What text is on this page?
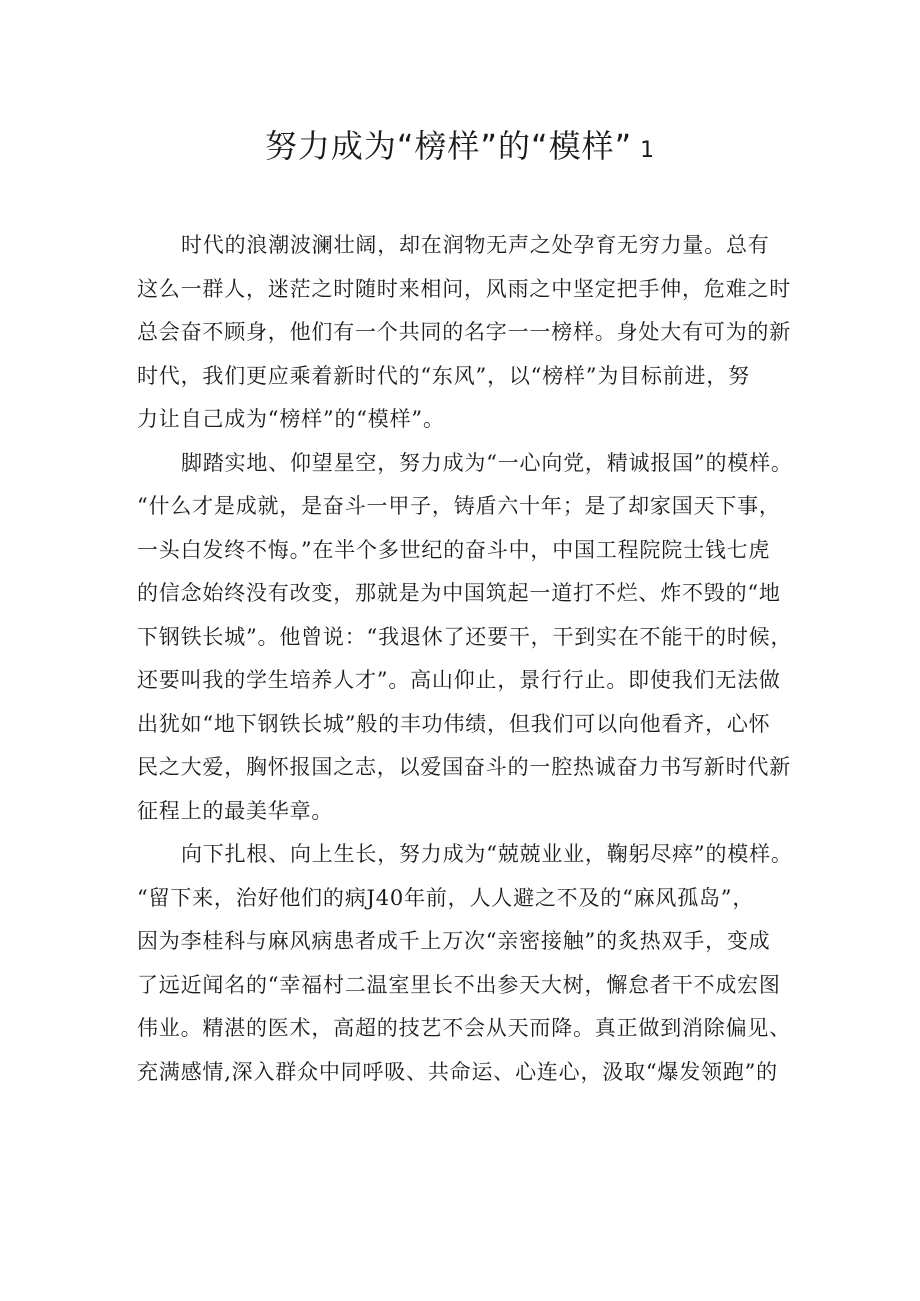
努力成为“榜样”的“模样” 1
时代的浪潮波澜壮阔，却在润物无声之处孕育无穷力量。总有
这么一群人，迷茫之时随时来相问，风雨之中坚定把手伸，危难之时
总会奋不顾身，他们有一个共同的名字一一榜样。身处大有可为的新
时代，我们更应乘着新时代的“东风”，以“榜样”为目标前进，努
力让自己成为“榜样”的“模样”。
脚踏实地、仰望星空，努力成为“一心向党，精诚报国”的模样。
“什么才是成就，是奋斗一甲子，铸盾六十年；是了却家国天下事，
一头白发终不悔。”在半个多世纪的奋斗中，中国工程院院士钱七虎
的信念始终没有改变，那就是为中国筑起一道打不烂、炸不毁的“地
下钢铁长城”。他曾说：“我退休了还要干，干到实在不能干的时候，
还要叫我的学生培养人才”。高山仰止，景行行止。即使我们无法做
出犹如“地下钢铁长城”般的丰功伟绩，但我们可以向他看齐，心怀
民之大爱，胸怀报国之志，以爱国奋斗的一腔热诚奋力书写新时代新
征程上的最美华章。
向下扎根、向上生长，努力成为“兢兢业业，鞠躬尽瘁”的模样。
“留下来，治好他们的病J40年前，人人避之不及的“麻风孤岛”，
因为李桂科与麻风病患者成千上万次“亲密接触”的炙热双手，变成
了远近闻名的“幸福村二温室里长不出参天大树，懈怠者干不成宏图
伟业。精湛的医术，高超的技艺不会从天而降。真正做到消除偏见、
充满感情,深入群众中同呼吸、共命运、心连心，汲取“爆发领跑”的
